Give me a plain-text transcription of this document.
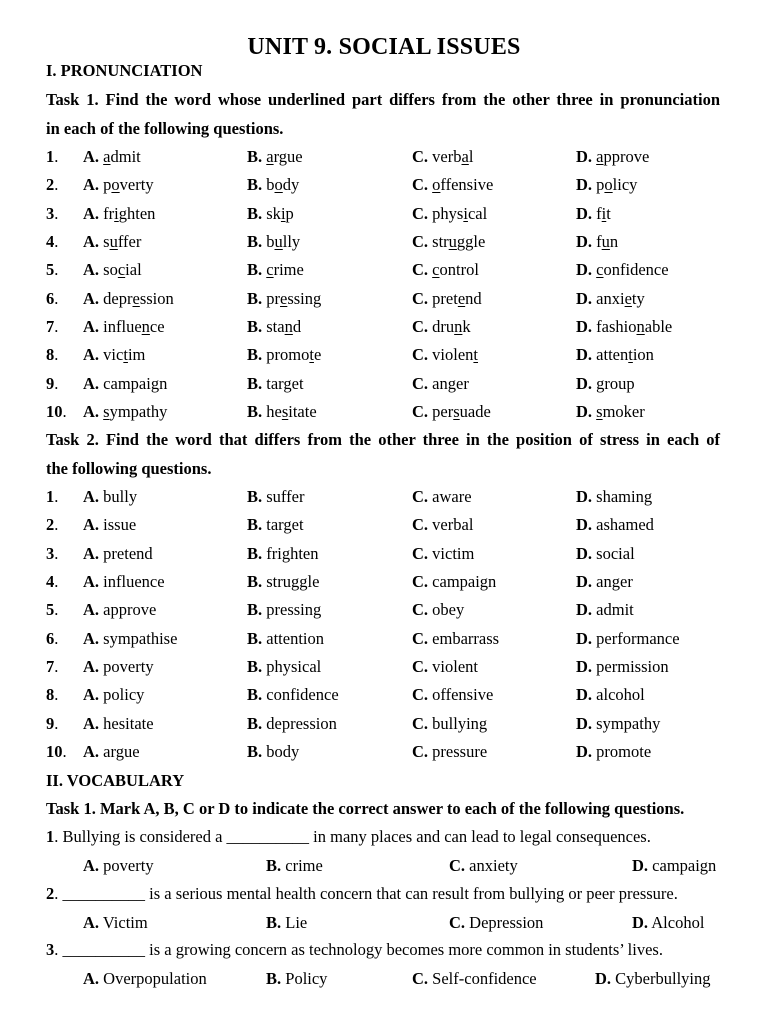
UNIT 9. SOCIAL ISSUES
I. PRONUNCIATION
Task 1. Find the word whose underlined part differs from the other three in pronunciation
in each of the following questions.
1. A. admit	B. argue	C. verbal	D. approve
2. A. poverty	B. body	C. offensive	D. policy
3. A. frighten	B. skip	C. physical	D. fit
4. A. suffer	B. bully	C. struggle	D. fun
5. A. social	B. crime	C. control	D. confidence
6. A. depression	B. pressing	C. pretend	D. anxiety
7. A. influence	B. stand	C. drunk	D. fashionable
8. A. victim	B. promote	C. violent	D. attention
9. A. campaign	B. target	C. anger	D. group
10. A. sympathy	B. hesitate	C. persuade	D. smoker
Task 2. Find the word that differs from the other three in the position of stress in each of
the following questions.
1. A. bully	B. suffer	C. aware	D. shaming
2. A. issue	B. target	C. verbal	D. ashamed
3. A. pretend	B. frighten	C. victim	D. social
4. A. influence	B. struggle	C. campaign	D. anger
5. A. approve	B. pressing	C. obey	D. admit
6. A. sympathise	B. attention	C. embarrass	D. performance
7. A. poverty	B. physical	C. violent	D. permission
8. A. policy	B. confidence	C. offensive	D. alcohol
9. A. hesitate	B. depression	C. bullying	D. sympathy
10. A. argue	B. body	C. pressure	D. promote
II. VOCABULARY
Task 1. Mark A, B, C or D to indicate the correct answer to each of the following questions.
1. Bullying is considered a __________ in many places and can lead to legal consequences.
A. poverty	B. crime	C. anxiety	D. campaign
2. __________ is a serious mental health concern that can result from bullying or peer pressure.
A. Victim	B. Lie	C. Depression	D. Alcohol
3. __________ is a growing concern as technology becomes more common in students’ lives.
A. Overpopulation	B. Policy	C. Self-confidence	D. Cyberbullying
